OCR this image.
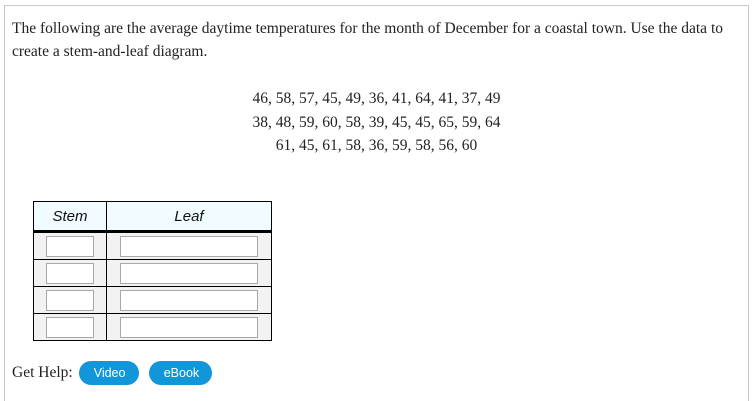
The following are the average daytime temperatures for the month of December for a coastal town. Use the data to create a stem-and-leaf diagram.
46, 58, 57, 45, 49, 36, 41, 64, 41, 37, 49
38, 48, 59, 60, 58, 39, 45, 45, 65, 59, 64
61, 45, 61, 58, 36, 59, 58, 56, 60
Stem	Leaf

Get Help:	Video	eBook
